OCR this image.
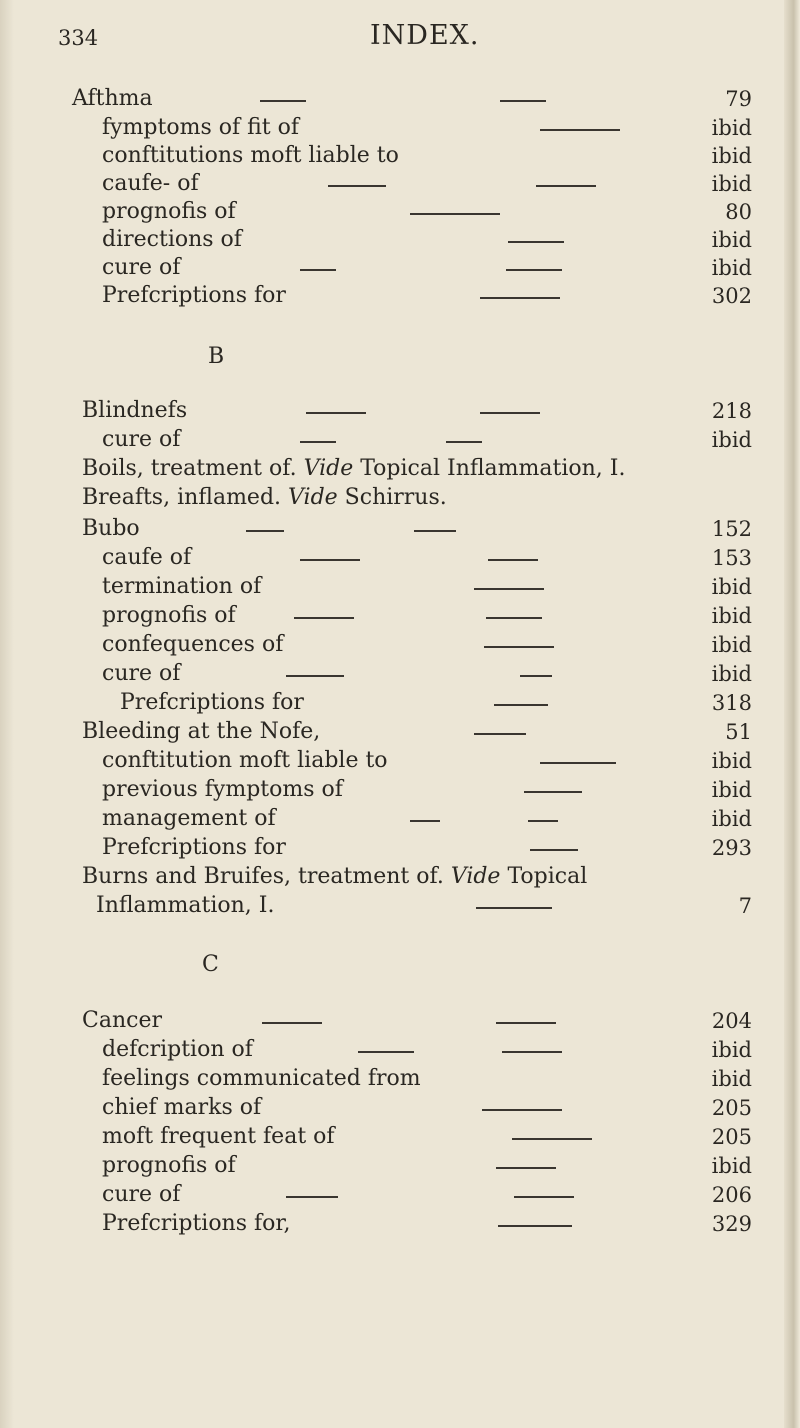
334	INDEX.
Afthma	79
fymptoms of fit of	ibid
conftitutions moft liable to	ibid
caufe- of	ibid
prognofis of	80
directions of	ibid
cure of	ibid
Prefcriptions for	302
B
Blindnefs	218
cure of	ibid
Boils, treatment of. Vide Topical Inflammation, I.
Breafts, inflamed. Vide Schirrus.
Bubo	152
caufe of	153
termination of	ibid
prognofis of	ibid
confequences of	ibid
cure of	ibid
Prefcriptions for	318
Bleeding at the Nofe,	51
conftitution moft liable to	ibid
previous fymptoms of	ibid
management of	ibid
Prefcriptions for	293
Burns and Bruifes, treatment of. Vide Topical
Inflammation, I.	7
C
Cancer	204
defcription of	ibid
feelings communicated from	ibid
chief marks of	205
moft frequent feat of	205
prognofis of	ibid
cure of	206
Prefcriptions for,	329
